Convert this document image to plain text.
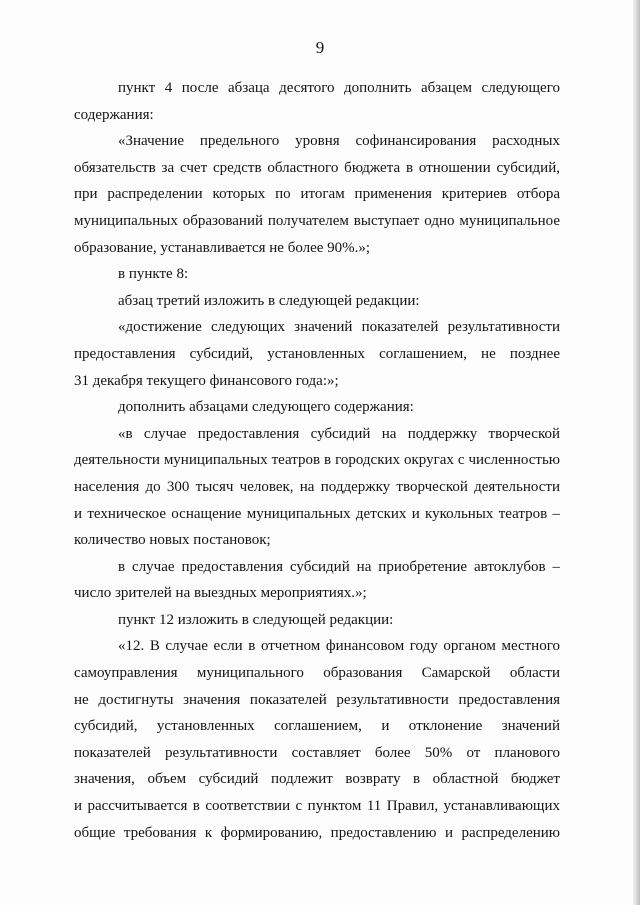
9
пункт 4 после абзаца десятого дополнить абзацем следующего
содержания:
«Значение предельного уровня софинансирования расходных
обязательств за счет средств областного бюджета в отношении субсидий,
при распределении которых по итогам применения критериев отбора
муниципальных образований получателем выступает одно муниципальное
образование, устанавливается не более 90%.»;
в пункте 8:
абзац третий изложить в следующей редакции:
«достижение следующих значений показателей результативности
предоставления субсидий, установленных соглашением, не позднее
31 декабря текущего финансового года:»;
дополнить абзацами следующего содержания:
«в случае предоставления субсидий на поддержку творческой
деятельности муниципальных театров в городских округах с численностью
населения до 300 тысяч человек, на поддержку творческой деятельности
и техническое оснащение муниципальных детских и кукольных театров –
количество новых постановок;
в случае предоставления субсидий на приобретение автоклубов –
число зрителей на выездных мероприятиях.»;
пункт 12 изложить в следующей редакции:
«12. В случае если в отчетном финансовом году органом местного
самоуправления муниципального образования Самарской области
не достигнуты значения показателей результативности предоставления
субсидий, установленных соглашением, и отклонение значений
показателей результативности составляет более 50% от планового
значения, объем субсидий подлежит возврату в областной бюджет
и рассчитывается в соответствии с пунктом 11 Правил, устанавливающих
общие требования к формированию, предоставлению и распределению
